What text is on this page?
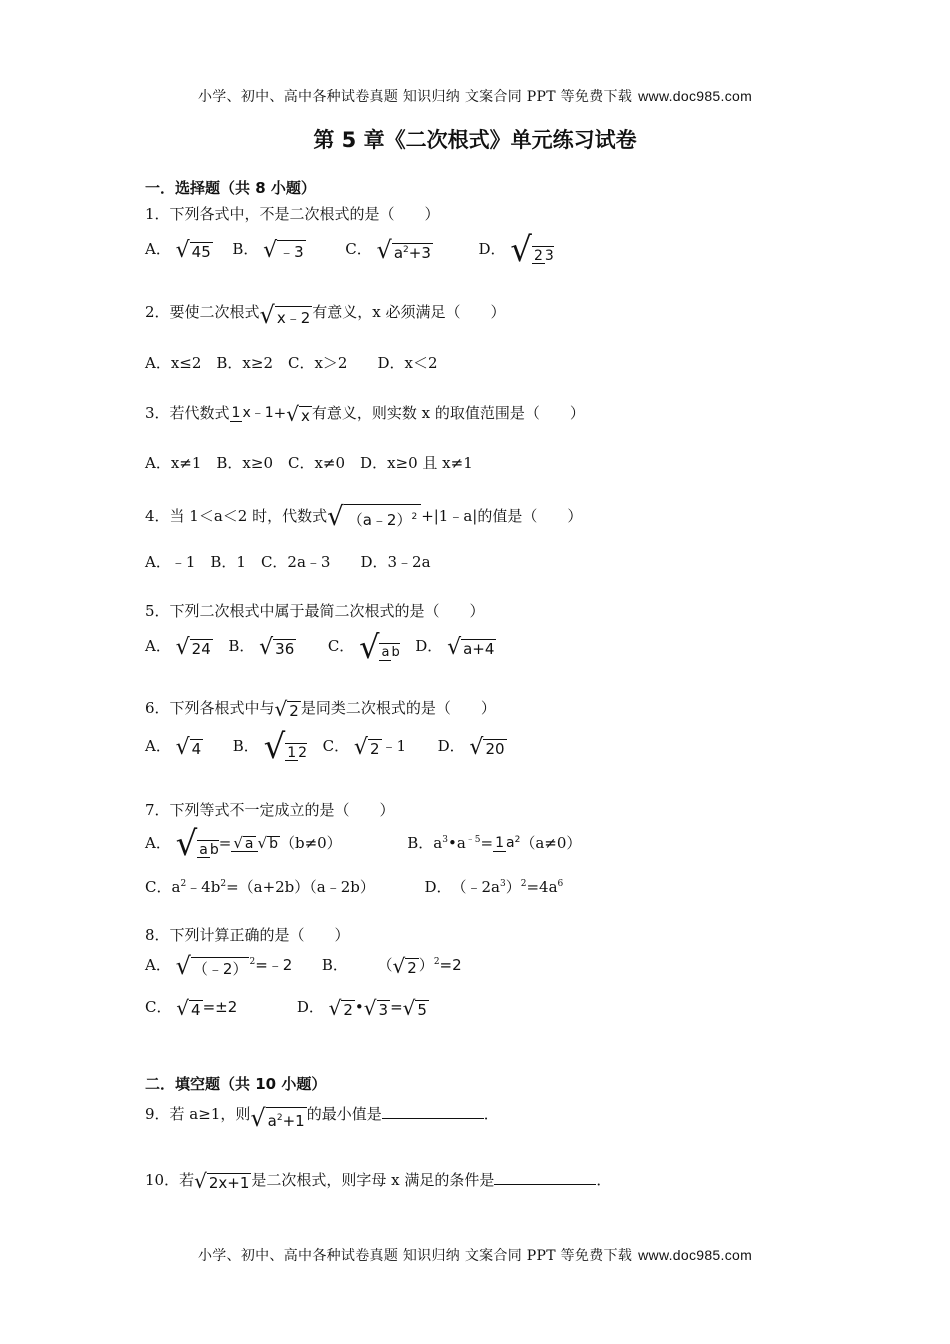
小学、初中、高中各种试卷真题 知识归纳 文案合同 PPT 等免费下载 www.doc985.com
第 5 章《二次根式》单元练习试卷
一．选择题（共 8 小题）
1．下列各式中，不是二次根式的是（　　）
A． √ 45 B． √ ﹣3	C． √ $a^2+3$	D． √ 2 3
2．要使二次根式√ x﹣2 有意义，x 必须满足（　　）
A．x≤2　B．x≥2　C．x＞2　　D．x＜2
3．若代数式 1 x﹣1+√ x 有意义，则实数 x 的取值范围是（　　）
A．x≠1　B．x≥0　C．x≠0　D．x≥0 且 x≠1
4．当 1＜a＜2 时，代数式√ （a﹣2）$^2$ +|1﹣a|的值是（　　）
A．﹣1　B．1　C．2a﹣3　　D．3﹣2a
5．下列二次根式中属于最简二次根式的是（　　）
A． √ 24 B． √ 36 C． √ a b D． √ a+4
6．下列各根式中与√ 2 是同类二次根式的是（　　）
A． √ 4 B． √ 1 2 C． √ 2 ﹣1 D． √ 20
7．下列等式不一定成立的是（　　）
A． √ a b= √ a √ b （b≠0）	B．$a^3•a^{﹣5}= 1$ $a^2(a\ne 0)$
C．$a^2﹣4b^2=(a+2b)(a﹣2b)$	D．$(﹣2a^3)^2=4a^6$
8．下列计算正确的是（　　）
A． √ （﹣2） $^2$=﹣2 B． （√ 2 ）$^2$=2
C． √ 4 =±2	D． √ 2 •√ 3 =√ 5
二．填空题（共 10 小题）
9．若 a≥1，则√ $a^2+1$ 的最小值是	．
10．若√ 2x+1 是二次根式，则字母 x 满足的条件是	．
小学、初中、高中各种试卷真题 知识归纳 文案合同 PPT 等免费下载 www.doc985.com
